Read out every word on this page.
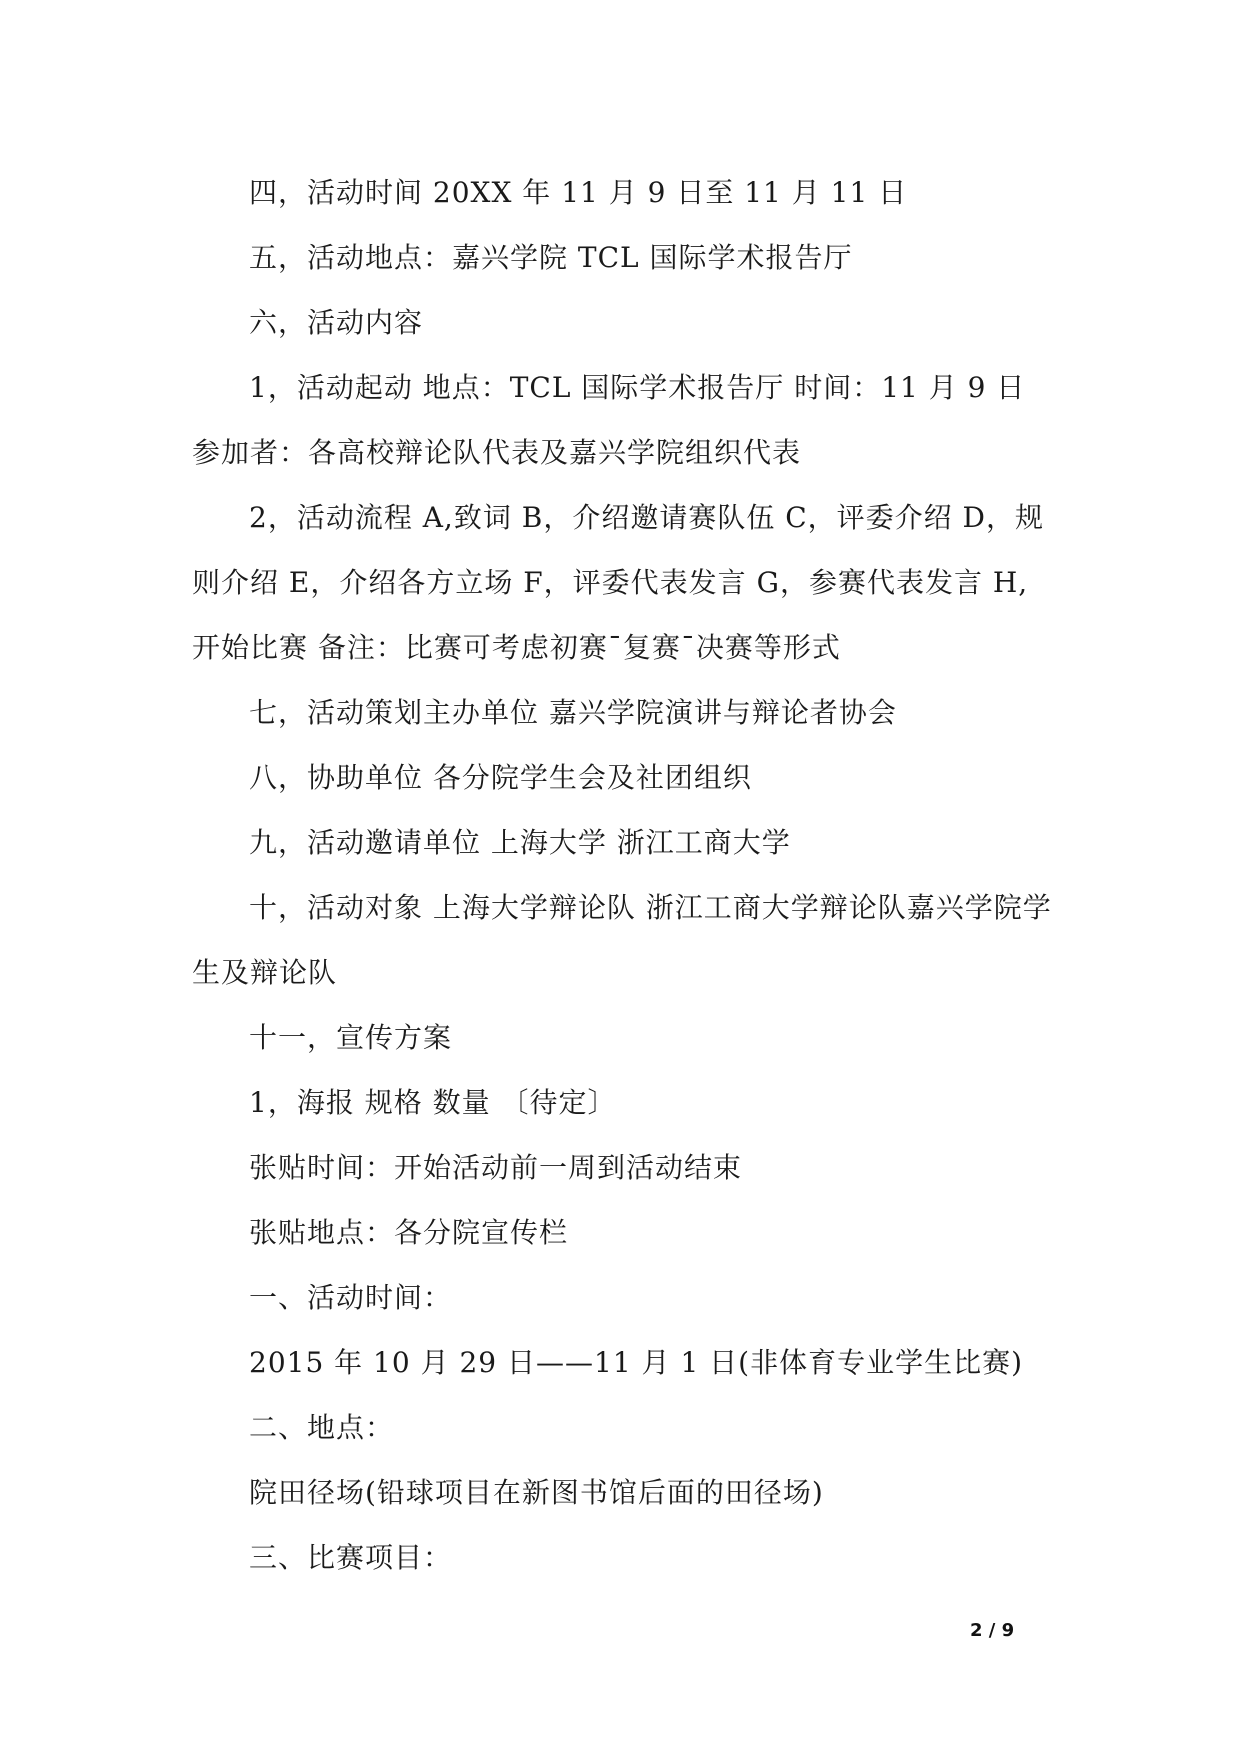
四，活动时间 20XX 年 11 月 9 日至 11 月 11 日

五，活动地点：嘉兴学院 TCL 国际学术报告厅

六，活动内容

1，活动起动 地点：TCL 国际学术报告厅 时间：11 月 9 日参加者：各高校辩论队代表及嘉兴学院组织代表

2，活动流程 A,致词 B，介绍邀请赛队伍 C，评委介绍 D，规则介绍 E，介绍各方立场 F，评委代表发言 G，参赛代表发言 H,开始比赛 备注：比赛可考虑初赛¯复赛¯决赛等形式

七，活动策划主办单位 嘉兴学院演讲与辩论者协会

八，协助单位 各分院学生会及社团组织

九，活动邀请单位 上海大学 浙江工商大学

十，活动对象 上海大学辩论队 浙江工商大学辩论队嘉兴学院学生及辩论队

十一，宣传方案

1，海报 规格 数量 〔待定〕

张贴时间：开始活动前一周到活动结束

张贴地点：各分院宣传栏

一、活动时间：

2015 年 10 月 29 日——11 月 1 日(非体育专业学生比赛)

二、地点：

院田径场(铅球项目在新图书馆后面的田径场)

三、比赛项目：

2 / 9
